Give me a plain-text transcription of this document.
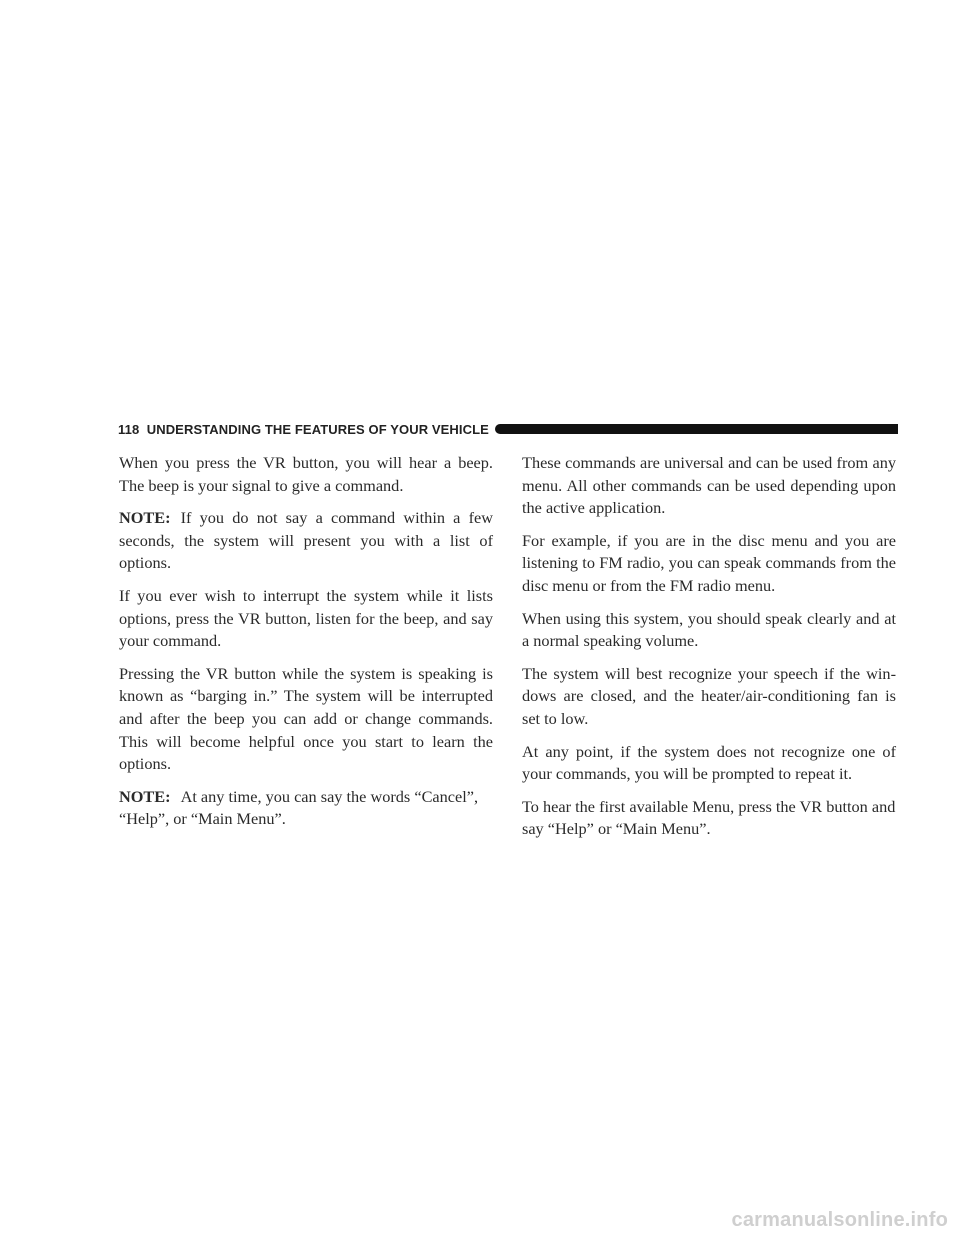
118 UNDERSTANDING THE FEATURES OF YOUR VEHICLE

When you press the VR button, you will hear a beep. The beep is your signal to give a command.

NOTE: If you do not say a command within a few seconds, the system will present you with a list of options.

If you ever wish to interrupt the system while it lists options, press the VR button, listen for the beep, and say your command.

Pressing the VR button while the system is speaking is known as “barging in.” The system will be interrupted and after the beep you can add or change commands. This will become helpful once you start to learn the options.

NOTE: At any time, you can say the words “Cancel”, “Help”, or “Main Menu”.

These commands are universal and can be used from any menu. All other commands can be used depending upon the active application.

For example, if you are in the disc menu and you are listening to FM radio, you can speak commands from the disc menu or from the FM radio menu.

When using this system, you should speak clearly and at a normal speaking volume.

The system will best recognize your speech if the win-dows are closed, and the heater/air-conditioning fan is set to low.

At any point, if the system does not recognize one of your commands, you will be prompted to repeat it.

To hear the first available Menu, press the VR button and say “Help” or “Main Menu”.

carmanualsonline.info
